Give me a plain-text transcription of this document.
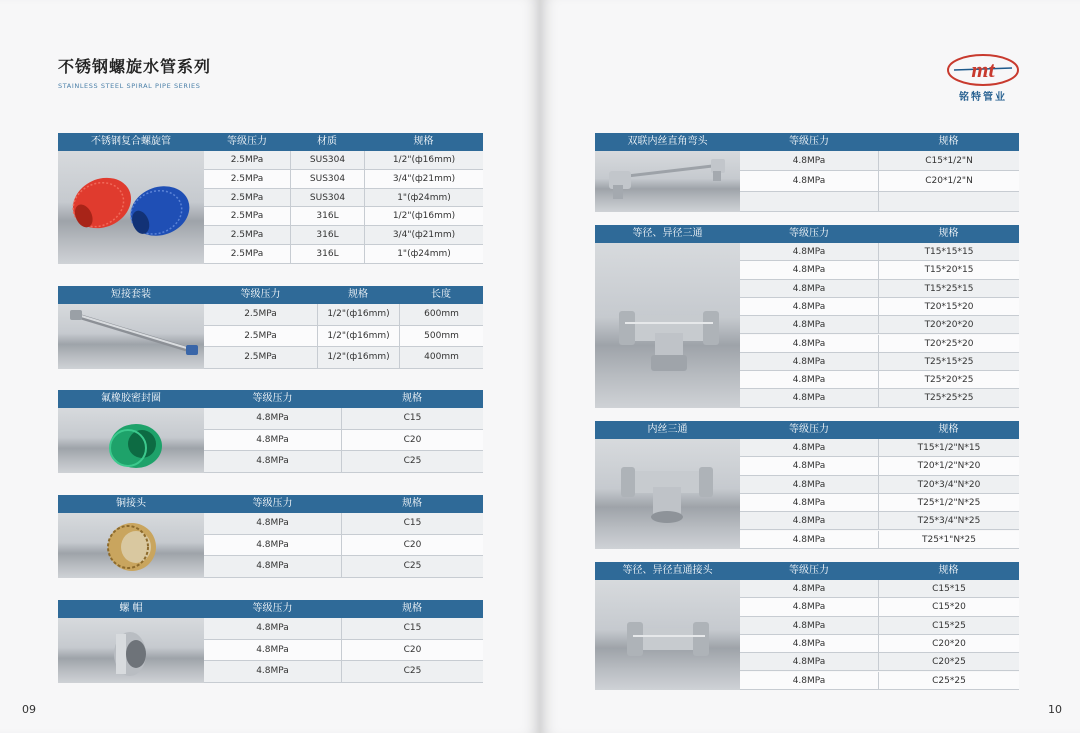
不锈钢螺旋水管系列
STAINLESS STEEL SPIRAL PIPE SERIES
不锈钢复合螺旋管	等级压力	材质	规格
2.5MPa	SUS304	1/2"(ф16mm)
2.5MPa	SUS304	3/4"(ф21mm)
2.5MPa	SUS304	1"(ф24mm)
2.5MPa	316L	1/2"(ф16mm)
2.5MPa	316L	3/4"(ф21mm)
2.5MPa	316L	1"(ф24mm)
短接套装	等级压力	规格	长度
2.5MPa	1/2"(ф16mm)	600mm
2.5MPa	1/2"(ф16mm)	500mm
2.5MPa	1/2"(ф16mm)	400mm
氟橡胶密封圈	等级压力	规格
4.8MPa	C15
4.8MPa	C20
4.8MPa	C25
铜接头	等级压力	规格
4.8MPa	C15
4.8MPa	C20
4.8MPa	C25
螺 帽	等级压力	规格
4.8MPa	C15
4.8MPa	C20
4.8MPa	C25
09
mt
铭特管业
双联内丝直角弯头	等级压力	规格
4.8MPa	C15*1/2"N
4.8MPa	C20*1/2"N
等径、异径三通	等级压力	规格
4.8MPa	T15*15*15
4.8MPa	T15*20*15
4.8MPa	T15*25*15
4.8MPa	T20*15*20
4.8MPa	T20*20*20
4.8MPa	T20*25*20
4.8MPa	T25*15*25
4.8MPa	T25*20*25
4.8MPa	T25*25*25
内丝三通	等级压力	规格
4.8MPa	T15*1/2"N*15
4.8MPa	T20*1/2"N*20
4.8MPa	T20*3/4"N*20
4.8MPa	T25*1/2"N*25
4.8MPa	T25*3/4"N*25
4.8MPa	T25*1"N*25
等径、异径直通接头	等级压力	规格
4.8MPa	C15*15
4.8MPa	C15*20
4.8MPa	C15*25
4.8MPa	C20*20
4.8MPa	C20*25
4.8MPa	C25*25
10
